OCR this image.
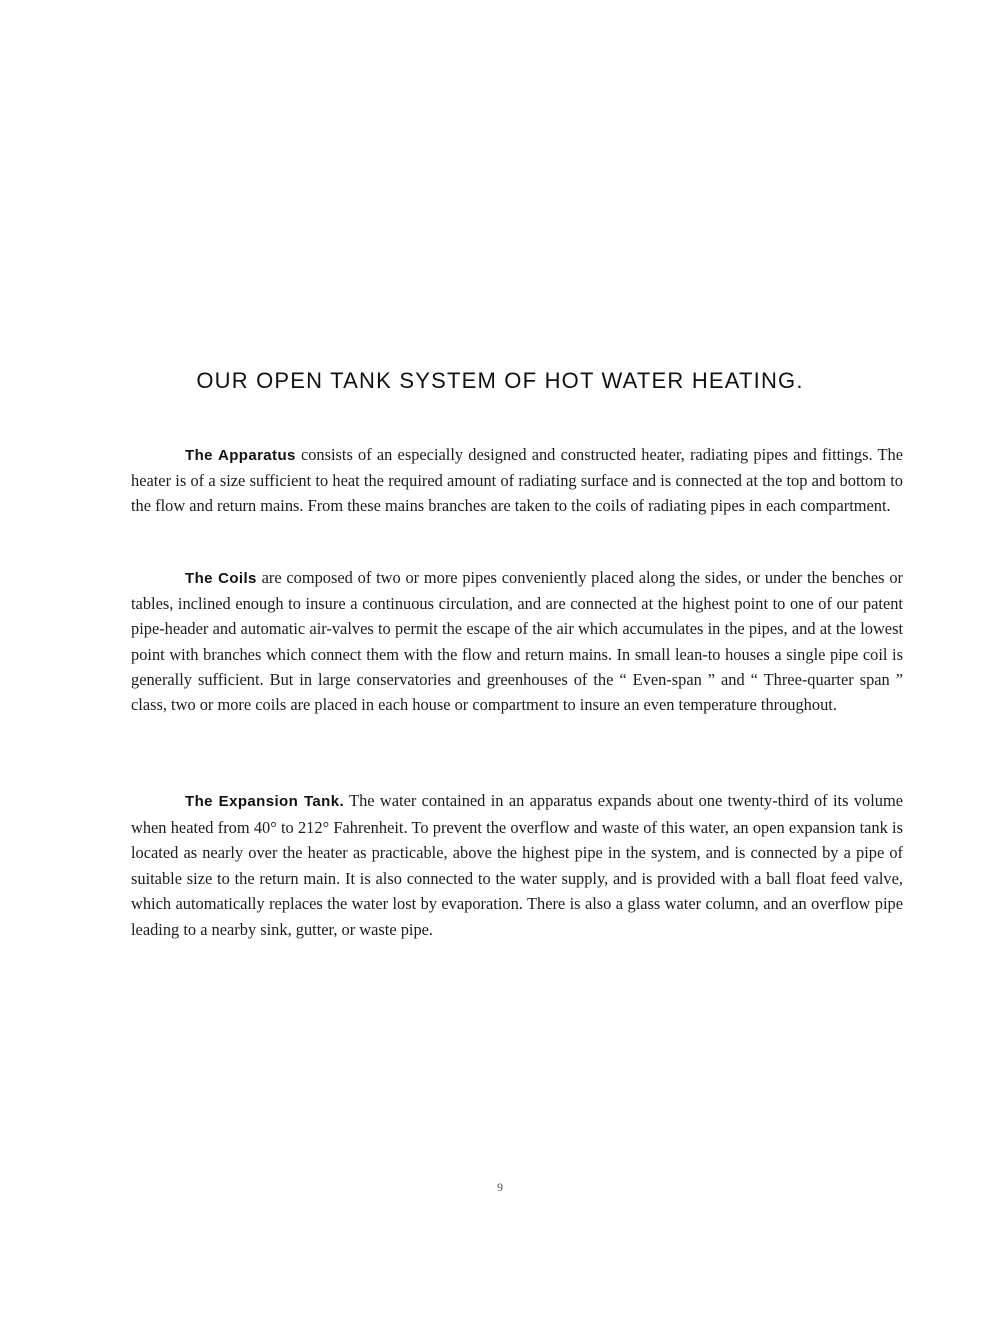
OUR OPEN TANK SYSTEM OF HOT WATER HEATING.

The Apparatus consists of an especially designed and constructed heater, radiating pipes and fittings. The heater is of a size sufficient to heat the required amount of radiating surface and is connected at the top and bottom to the flow and return mains. From these mains branches are taken to the coils of radiating pipes in each compartment.

The Coils are composed of two or more pipes conveniently placed along the sides, or under the benches or tables, inclined enough to insure a continuous circulation, and are connected at the highest point to one of our patent pipe-header and automatic air-valves to permit the escape of the air which accumulates in the pipes, and at the lowest point with branches which connect them with the flow and return mains. In small lean-to houses a single pipe coil is generally sufficient. But in large conservatories and greenhouses of the “ Even-span ” and “ Three-quarter span ” class, two or more coils are placed in each house or compartment to insure an even temperature throughout.

The Expansion Tank. The water contained in an apparatus expands about one twenty-third of its volume when heated from 40° to 212° Fahrenheit. To prevent the overflow and waste of this water, an open expansion tank is located as nearly over the heater as practicable, above the highest pipe in the system, and is connected by a pipe of suitable size to the return main. It is also connected to the water supply, and is provided with a ball float feed valve, which automatically replaces the water lost by evaporation. There is also a glass water column, and an overflow pipe leading to a nearby sink, gutter, or waste pipe.

9
